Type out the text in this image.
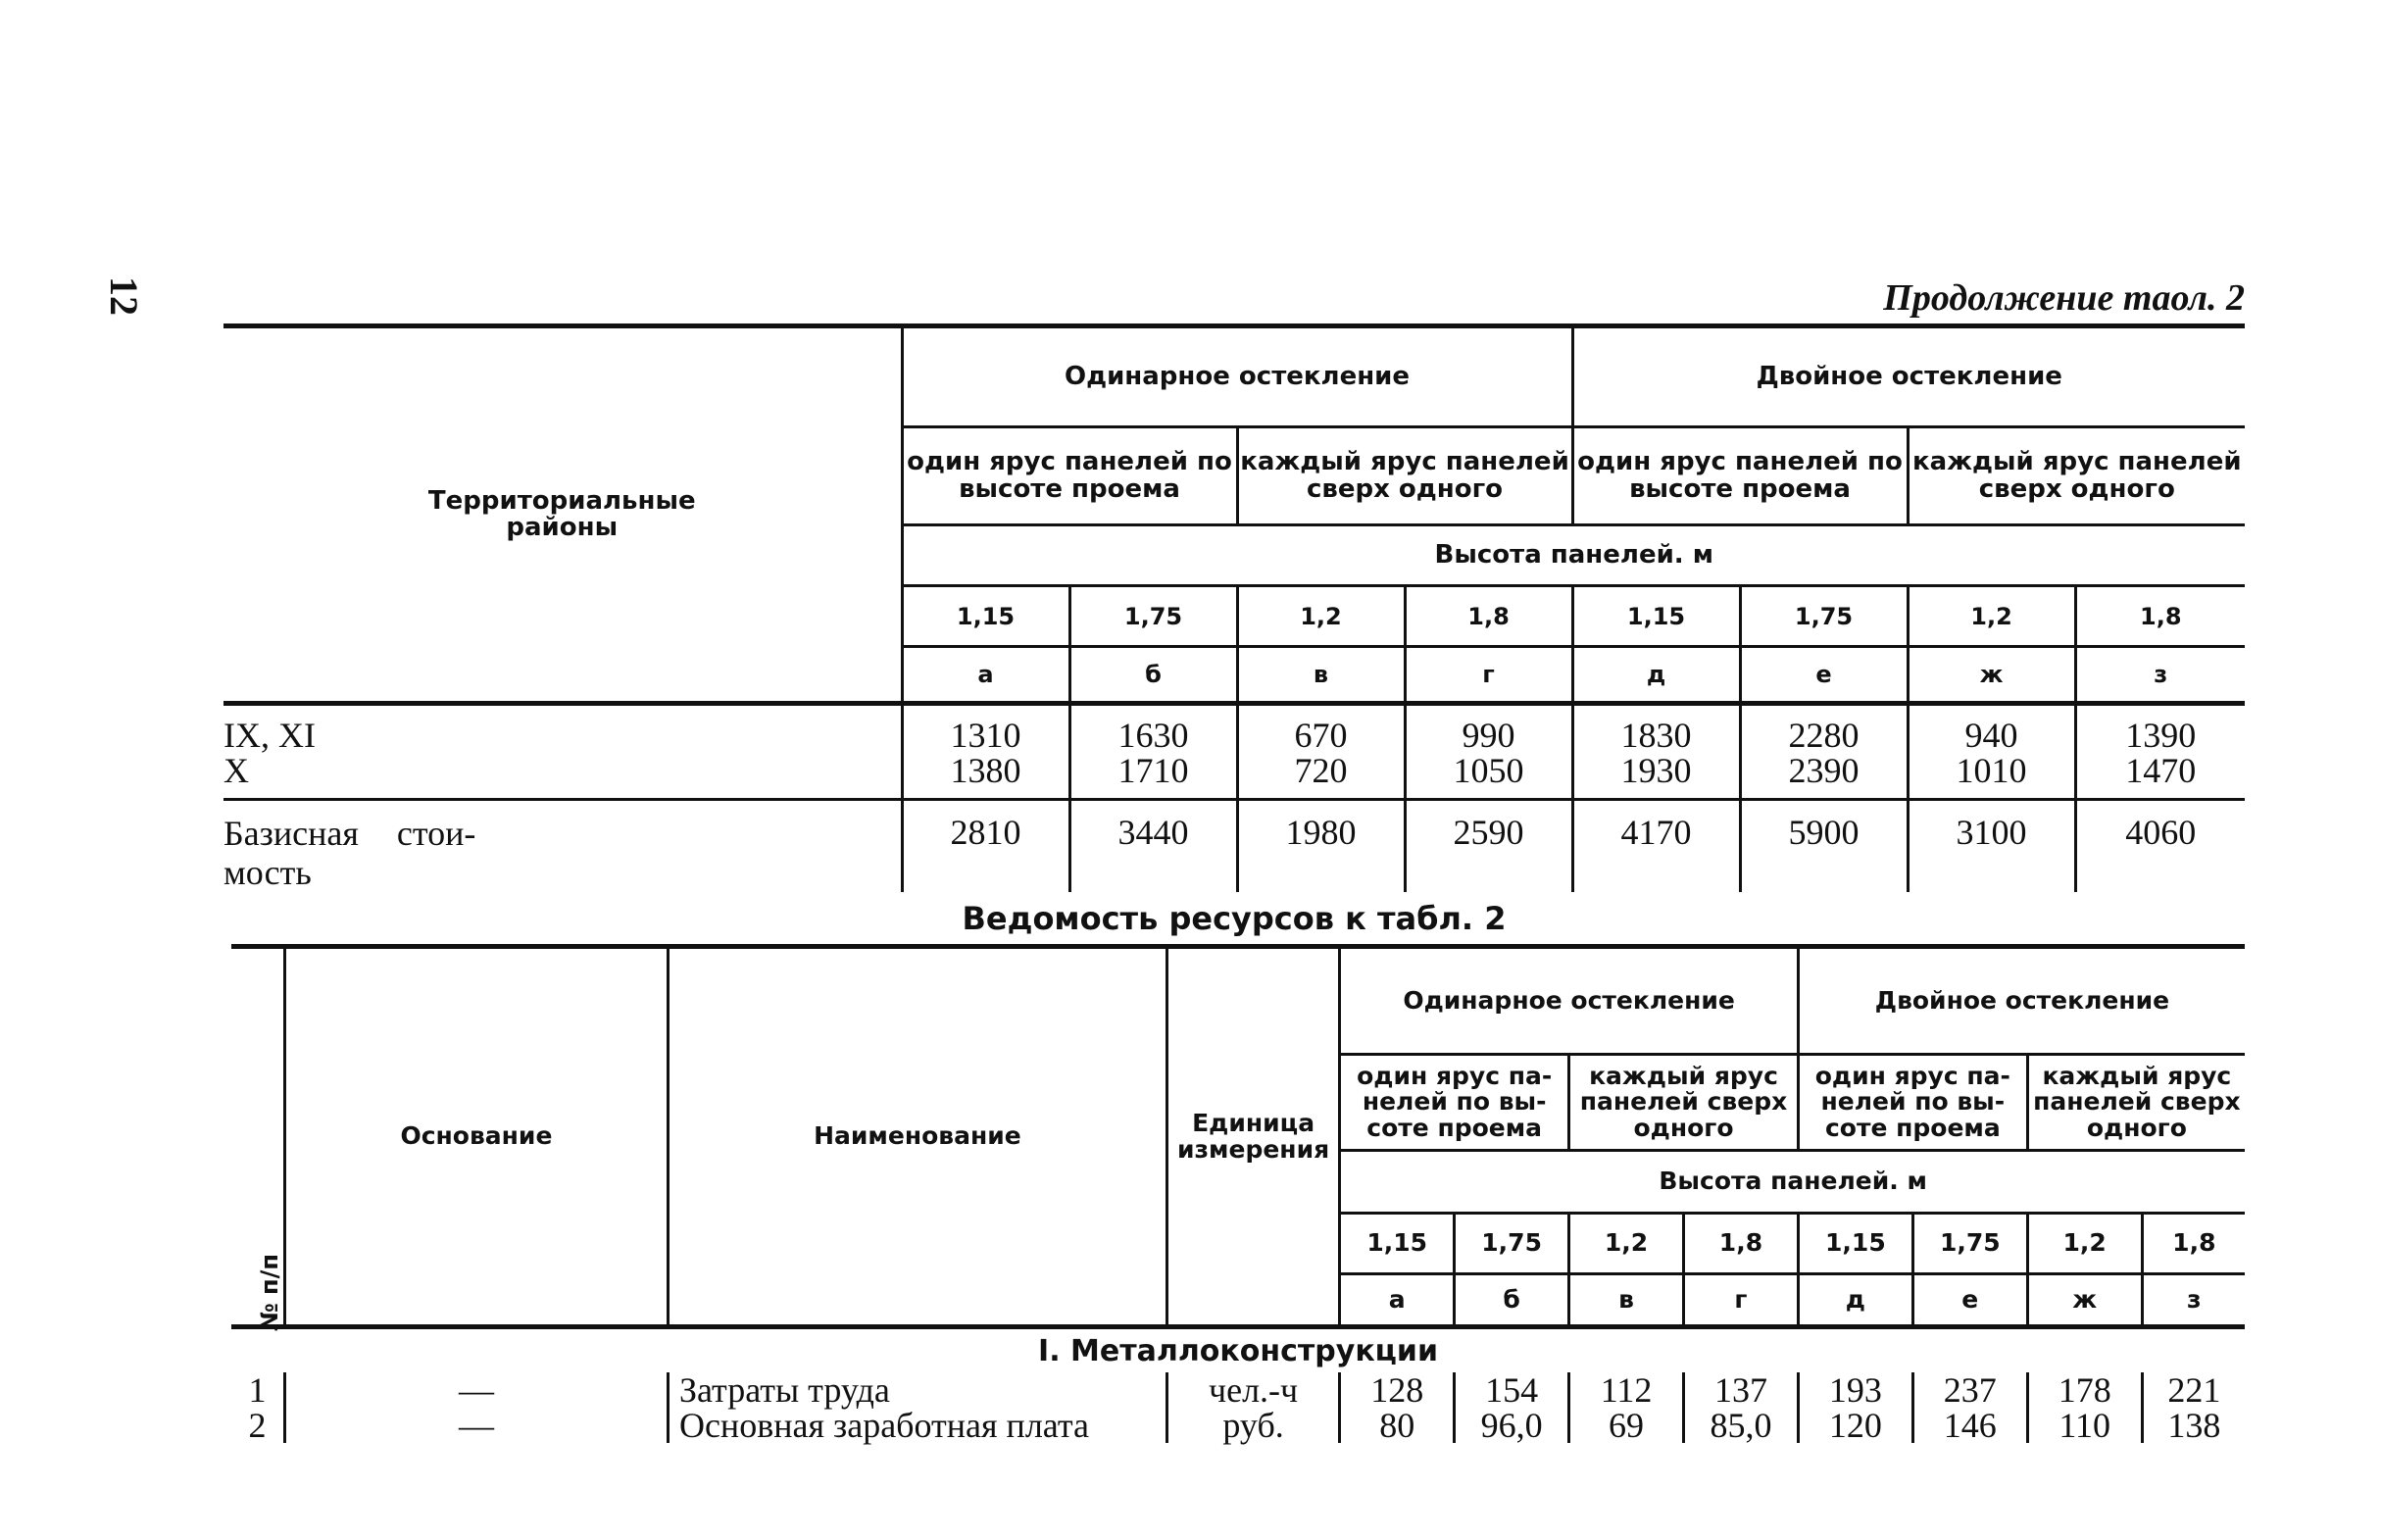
12	Продолжение таол. 2
Территориальные районы	Одинарное остекление				Двойное остекление			
	один ярус панелей по высоте проема		каждый ярус панелей сверх одного		один ярус панелей по высоте проема		каждый ярус панелей сверх одного	
	Высота панелей. м							
	1,15	1,75	1,2	1,8	1,15	1,75	1,2	1,8
	а	б	в	г	д	е	ж	з
IX, XI	1310	1630	670	990	1830	2280	940	1390
X	1380	1710	720	1050	1930	2390	1010	1470
Базисная стои-мость	2810	3440	1980	2590	4170	5900	3100	4060
Ведомость ресурсов к табл. 2
№ п/п	Основание	Наименование	Единица измерения	Одинарное остекление				Двойное остекление			
				один ярус па-нелей по вы-соте проема		каждый ярус панелей сверх одного		один ярус па-нелей по вы-соте проема		каждый ярус панелей сверх одного	
				Высота панелей. м							
				1,15	1,75	1,2	1,8	1,15	1,75	1,2	1,8
				а	б	в	г	д	е	ж	з
I. Металлоконструкции											
1	—	Затраты труда	чел.-ч	128	154	112	137	193	237	178	221
2	—	Основная заработная плата	руб.	80	96,0	69	85,0	120	146	110	138
